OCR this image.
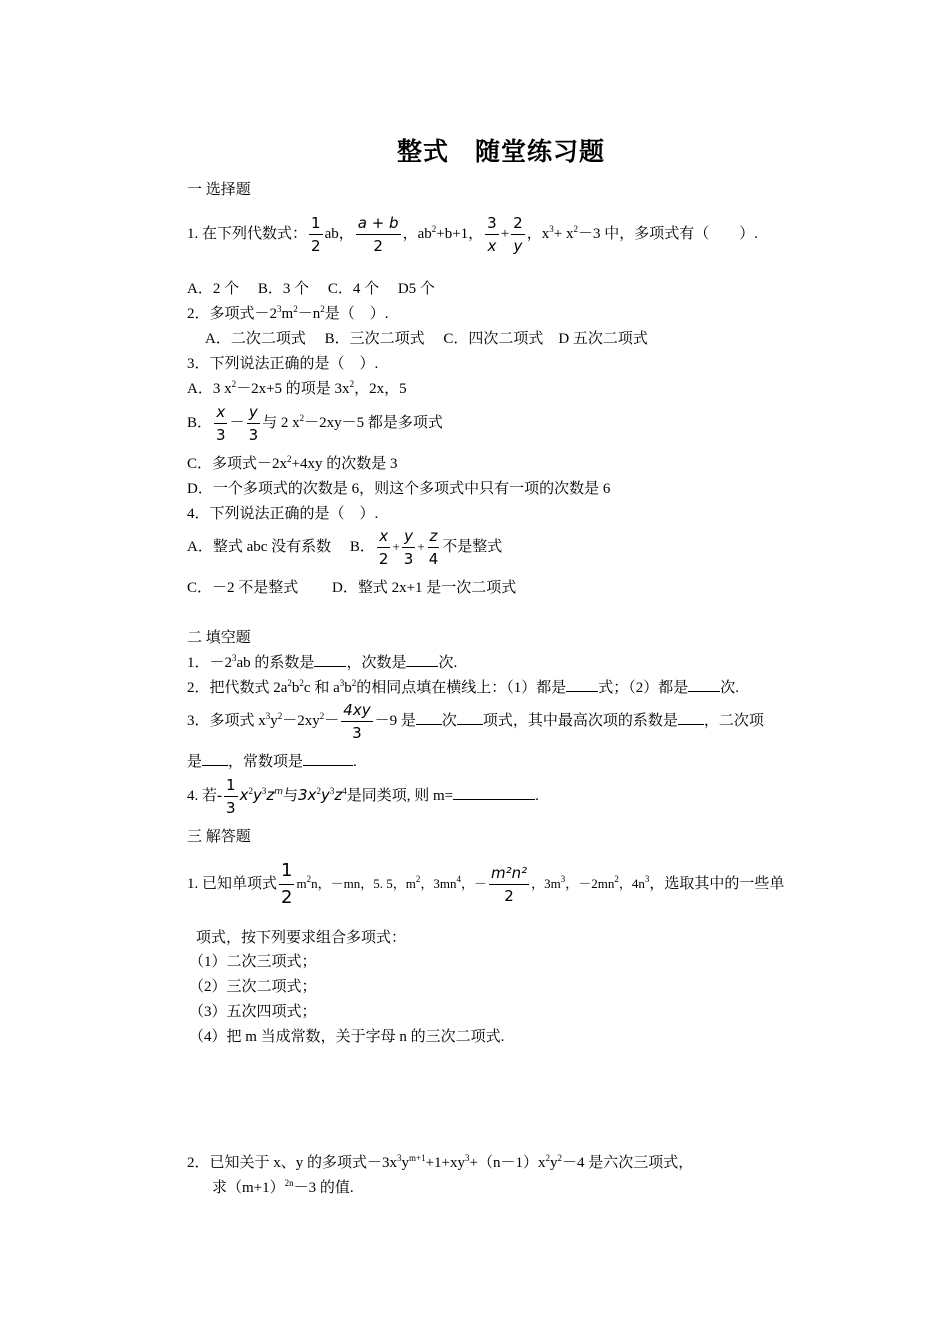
整式　随堂练习题
一 选择题
1. 在下列代数式： $\frac{1}{2}$ ab， $\frac{a + b}{2}$ ，$ab^2+b+1$， $\frac{3}{x} + \frac{2}{y}$ ，$x^3+ x^2-3$ 中，多项式有（　　）.
A．2 个　 B．3 个　 C．4 个　 D5 个
2．多项式$-2^3m^2-n^2$是（　）.
A．二次二项式　 B．三次二项式　 C．四次二项式　D 五次二项式
3．下列说法正确的是（　）.
A．3 $x^2-2x+5$ 的项是 $3x^2$，2x，5
B． $\frac{x}{3} - \frac{y}{3}$ 与 2 $x^2-2xy-5$ 都是多项式
C．多项式$-2x^2+4xy$ 的次数是 3
D．一个多项式的次数是 6，则这个多项式中只有一项的次数是 6
4．下列说法正确的是（　）.
A．整式 abc 没有系数　 B． $\frac{x}{2} + \frac{y}{3} + \frac{z}{4}$ 不是整式
C．－2 不是整式　　 D．整式 2x+1 是一次二项式
二 填空题
1．$-2^3ab$ 的系数是 ，次数是 次.
2．把代数式 $2a^2b^2c$ 和 $a^3b^2$的相同点填在横线上：（1）都是 式；（2）都是 次.
3．多项式 $x^3y^2-2xy^2- \frac{4xy}{3} -9$ 是 次 项式，其中最高次项的系数是 ，二次项
是 ，常数项是	.
4. 若- $\frac{1}{3} x^2y^3z^m$与$3x^2y^3z^4$是同类项, 则 m=	.
三 解答题
1. 已知单项式 $\frac{1}{2} m^2n$，－mn，5. 5，$m^2$，$3mn^4$，－ $\frac{\text{m²n²}}{2}$ ，$3m^3$，$-2mn^2$，$4n^3$，选取其中的一些单
项式，按下列要求组合多项式：
（1）二次三项式；
（2）三次二项式；
（3）五次四项式；
（4）把 m 当成常数，关于字母 n 的三次二项式.
2．已知关于 x、y 的多项式$-3x^3y^{m+1}+1+xy^3+(n-1)x^2y^2-4$ 是六次三项式，
求$(m+1)^{2n}-3$ 的值.
